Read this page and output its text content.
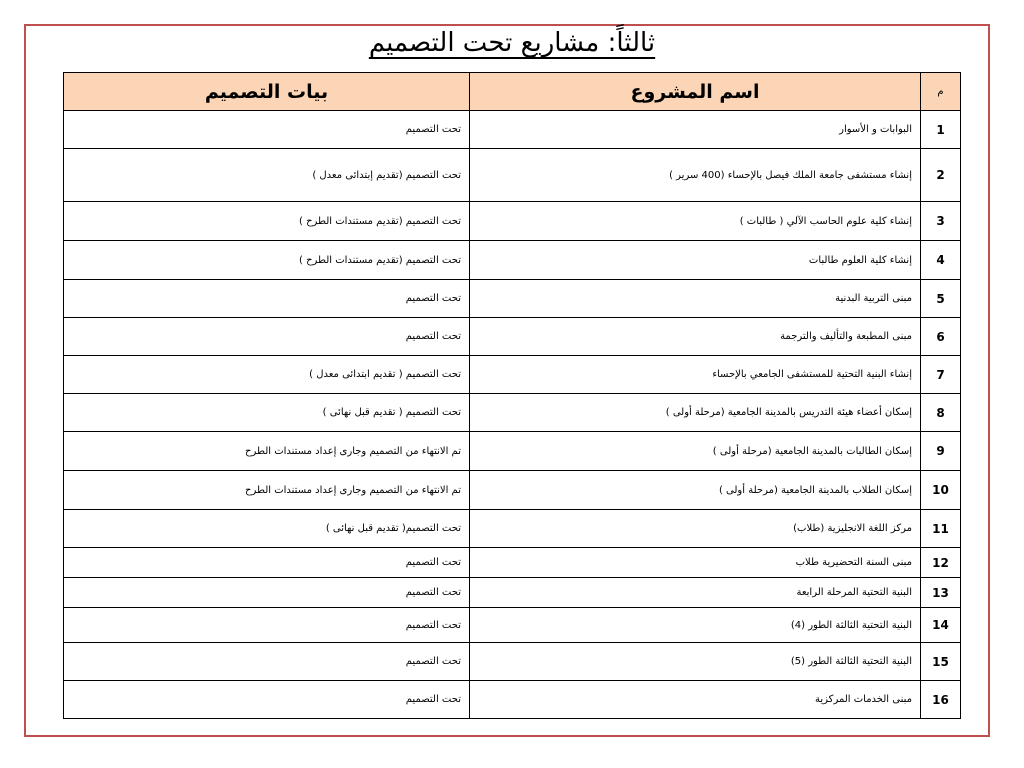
ثالثاً: مشاريع تحت التصميم
م	اسم المشروع	بيات التصميم
1	البوابات و الأسوار	تحت التصميم
2	إنشاء مستشفى جامعة الملك فيصل بالإحساء (400 سرير )	تحت التصميم (تقديم إبتدائى معدل )
3	إنشاء كلية علوم الحاسب الآلي ( طالبات )	تحت التصميم (تقديم مستندات الطرح )
4	إنشاء كلية العلوم طالبات	تحت التصميم (تقديم مستندات الطرح )
5	مبنى التربية البدنية	تحت التصميم
6	مبنى المطبعة والتأليف والترجمة	تحت التصميم
7	إنشاء البنية التحتية للمستشفى الجامعي بالإحساء	تحت التصميم ( تقديم ابتدائى معدل )
8	إسكان أعضاء هيئة التدريس بالمدينة الجامعية (مرحلة أولى )	تحت التصميم ( تقديم قبل نهائى )
9	إسكان الطالبات بالمدينة الجامعية (مرحلة أولى )	تم الانتهاء من التصميم وجارى إعداد مستندات الطرح
10	إسكان الطلاب بالمدينة الجامعية (مرحلة أولى )	تم الانتهاء من التصميم وجارى إعداد مستندات الطرح
11	مركز اللغة الانجليزية (طلاب)	تحت التصميم( تقديم قبل نهائى )
12	مبنى السنة التحضيرية طلاب	تحت التصميم
13	البنية التحتية المرحلة الرابعة	تحت التصميم
14	البنية التحتية الثالثة الطور (4)	تحت التصميم
15	البنية التحتية الثالثة الطور (5)	تحت التصميم
16	مبنى الخدمات المركزية	تحت التصميم
